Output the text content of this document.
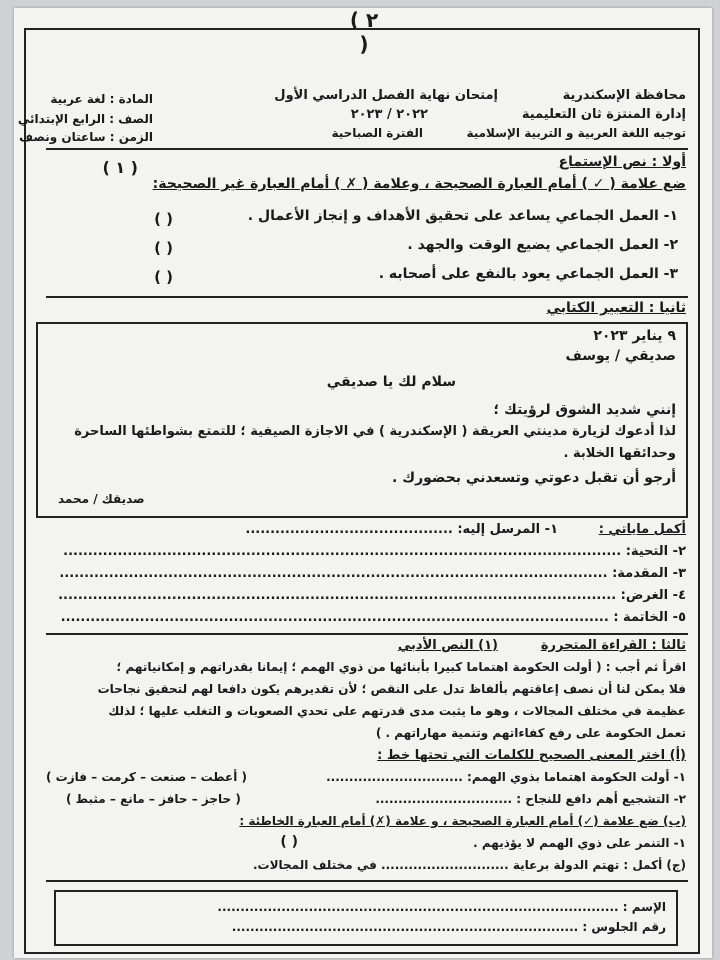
( ٢ )
محافظة الإسكندرية
إدارة المنتزة ثان التعليمية
توجيه اللغة العربية و التربية الإسلامية
إمتحان نهاية الفصل الدراسي الأول
٢٠٢٢ / ٢٠٢٣
الفترة الصباحية
المادة : لغة عربية
الصف : الرابع الإبتدائي
الزمن : ساعتان ونصف
أولا : نص الإستماع
( ١ )
ضع علامة ( ✓ ) أمام العبارة الصحيحة ، وعلامة ( ✗ ) أمام العبارة غير الصحيحة:
١- العمل الجماعي يساعد على تحقيق الأهداف و إنجاز الأعمال .
٢- العمل الجماعي يضيع الوقت والجهد .
٣- العمل الجماعي يعود بالنفع على أصحابه .
( )
( )
( )
ثانيا : التعبير الكتابي
٩ يناير ٢٠٢٣
صديقي / يوسف
سلام لك يا صديقي
إنني شديد الشوق لرؤيتك ؛
لذا أدعوك لزيارة مدينتي العريقة ( الإسكندرية ) في الاجازة الصيفية ؛ للتمتع بشواطئها الساحرة
وحدائقها الخلابة .
أرجو أن تقبل دعوتي وتسعدني بحضورك .
صديقك / محمد
أكمل ماياتي :
١- المرسل إليه: ..........................................
٢- التحية: .................................................................................................................
٣- المقدمة: ...............................................................................................................
٤- الغرض: .................................................................................................................
٥- الخاتمة : ...............................................................................................................
ثالثا : القراءة المتحررة
(١) النص الأدبي
اقرأ ثم أجب : ( أولت الحكومة اهتماما كبيرا بأبنائها من ذوي الهمم ؛ إيمانا بقدراتهم و إمكانياتهم ؛
فلا يمكن لنا أن نصف إعاقتهم بألفاظ تدل على النقص ؛ لأن تقديرهم يكون دافعا لهم لتحقيق نجاحات
عظيمة في مختلف المجالات ، وهو ما يثبت مدى قدرتهم على تحدي الصعوبات و التغلب عليها ؛ لذلك
تعمل الحكومة على رفع كفاءاتهم وتنمية مهاراتهم . )
(أ) اختر المعنى الصحيح للكلمات التي تحتها خط :
١- أولت الحكومة اهتماما بذوي الهمم: ..............................
( أعطت – صنعت – كرمت – فازت )
٢- التشجيع أهم دافع للنجاح : ..............................
( حاجز – حافز – مانع – مثبط )
(ب) ضع علامة (✓) أمام العبارة الصحيحة ، و علامة (✗) أمام العبارة الخاطئة :
١- التنمر على ذوي الهمم لا يؤذيهم .
( )
(ج) أكمل : تهتم الدولة برعاية ............................ في مختلف المجالات.
الإسم : ........................................................................................
رقم الجلوس : ............................................................................
